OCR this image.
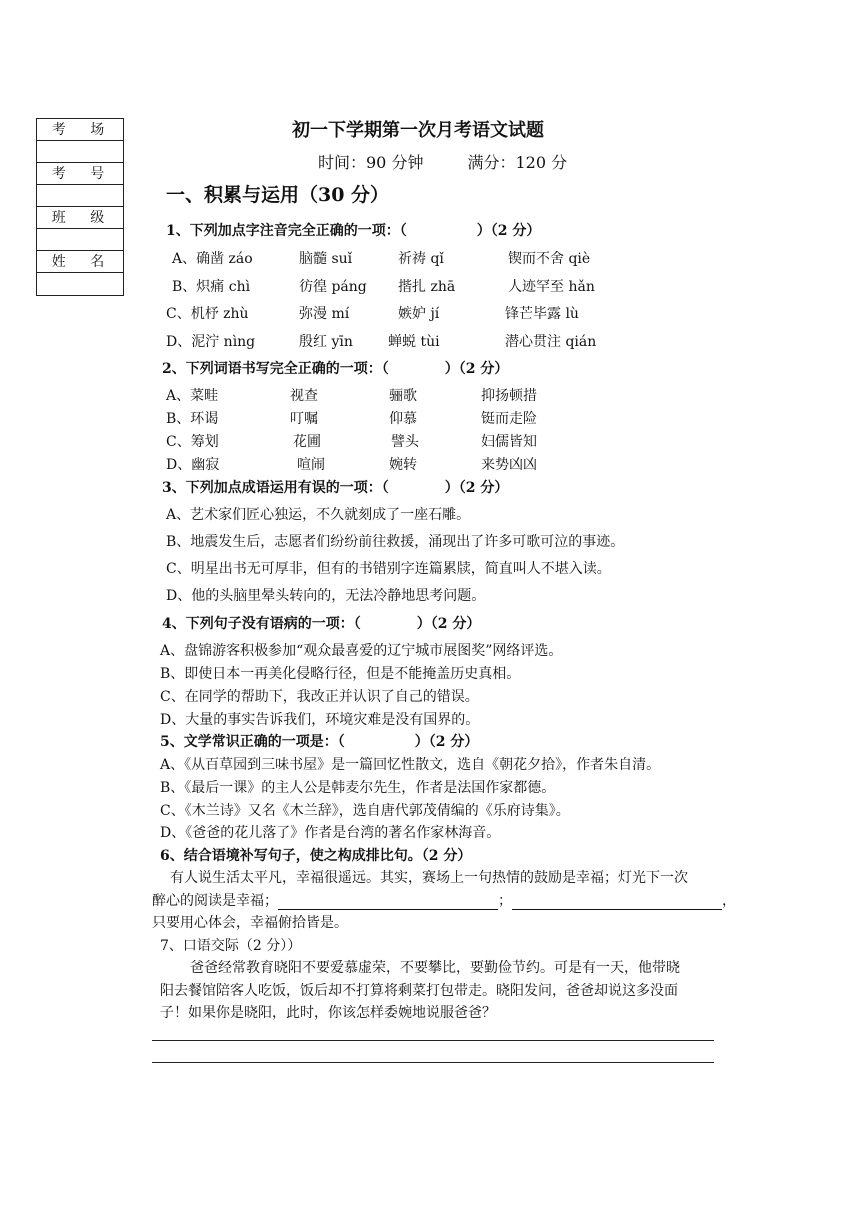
考 场
考 号
班 级
姓 名
初一下学期第一次月考语文试题
时间：90 分钟	满分：120 分
一、积累与运用（30 分）
1、下列加点字注音完全正确的一项：（　　　　　）（2 分）
A、确凿 záo	脑髓 suǐ	祈祷 qǐ	锲而不舍 qiè
B、炽痛 chì	彷徨 páng 揩扎 zhā	人迹罕至 hǎn
C、机杼 zhù	弥漫 mí	嫉妒 jí	锋芒毕露 lù
D、泥泞 nìng	殷红 yīn	蝉蜕 tùi	潜心贯注 qián
2、下列词语书写完全正确的一项：（　　　　）（2 分）
A、菜畦	视查	骊歌	抑扬顿措
B、环谒	叮嘱	仰慕	铤而走险
C、筹划	花圃	譬头	妇儒皆知
D、幽寂	喧闹	婉转	来势凶凶
3、下列加点成语运用有误的一项：（　　　　）（2 分）
A、艺术家们匠心独运，不久就刻成了一座石雕。
B、地震发生后，志愿者们纷纷前往救援，涌现出了许多可歌可泣的事迹。
C、明星出书无可厚非，但有的书错别字连篇累牍，简直叫人不堪入读。
D、他的头脑里晕头转向的，无法冷静地思考问题。
4、下列句子没有语病的一项：（　　　　）（2 分）
A、盘锦游客积极参加“观众最喜爱的辽宁城市展图奖”网络评选。
B、即使日本一再美化侵略行径，但是不能掩盖历史真相。
C、在同学的帮助下，我改正并认识了自己的错误。
D、大量的事实告诉我们，环境灾难是没有国界的。
5、文学常识正确的一项是：（　　　　　）（2 分）
A、《从百草园到三味书屋》是一篇回忆性散文，选自《朝花夕拾》，作者朱自清。
B、《最后一课》的主人公是韩麦尔先生，作者是法国作家都德。
C、《木兰诗》又名《木兰辞》，选自唐代郭茂倩编的《乐府诗集》。
D、《爸爸的花儿落了》作者是台湾的著名作家林海音。
6、结合语境补写句子，使之构成排比句。（2 分）
有人说生活太平凡，幸福很遥远。其实，赛场上一句热情的鼓励是幸福；灯光下一次
醉心的阅读是幸福；	；	，
只要用心体会，幸福俯拾皆是。
7、口语交际（2 分））
爸爸经常教育晓阳不要爱慕虚荣，不要攀比，要勤俭节约。可是有一天，他带晓
阳去餐馆陪客人吃饭，饭后却不打算将剩菜打包带走。晓阳发问，爸爸却说这多没面
子！如果你是晓阳，此时，你该怎样委婉地说服爸爸？
